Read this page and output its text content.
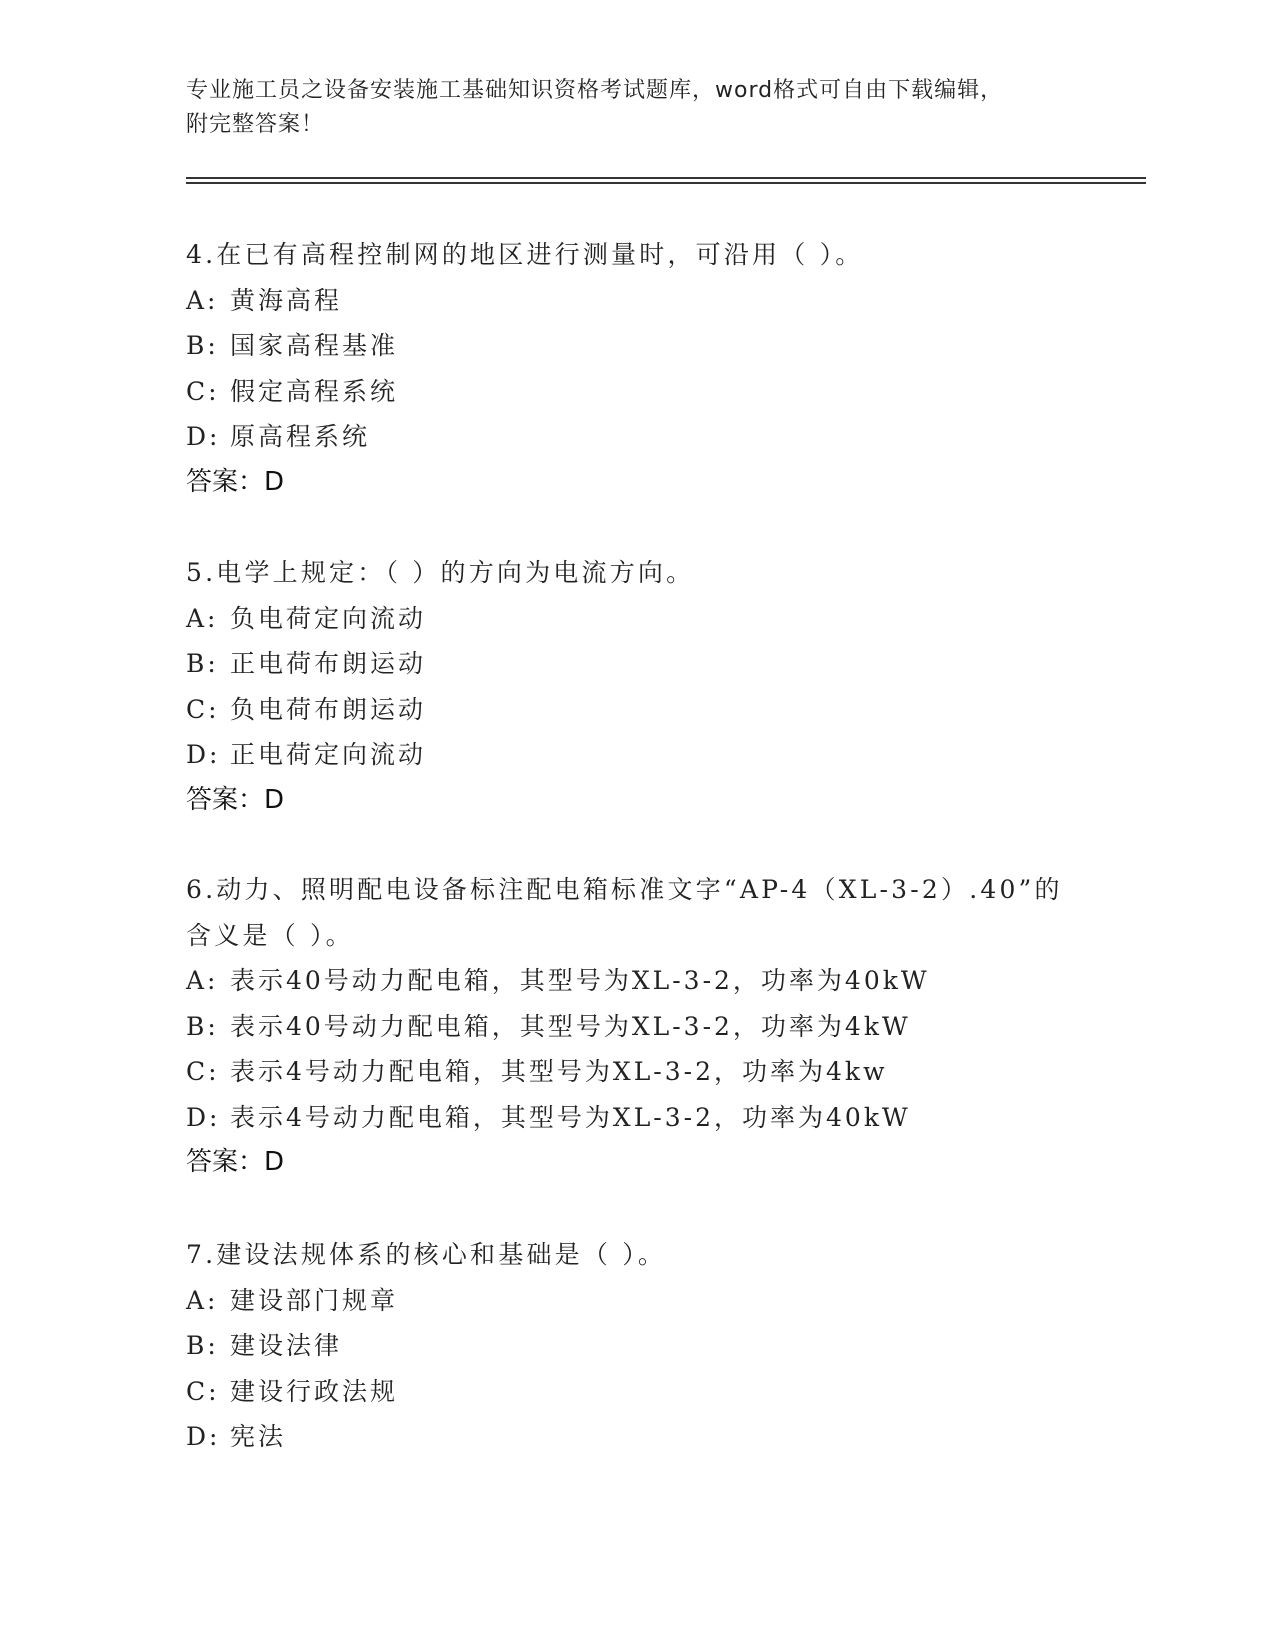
专业施工员之设备安装施工基础知识资格考试题库，word格式可自由下载编辑，
附完整答案！
4.在已有高程控制网的地区进行测量时，可沿用（ ）。
A: 黄海高程
B: 国家高程基准
C: 假定高程系统
D: 原高程系统
答案：D
5.电学上规定：（ ）的方向为电流方向。
A: 负电荷定向流动
B: 正电荷布朗运动
C: 负电荷布朗运动
D: 正电荷定向流动
答案：D
6.动力、照明配电设备标注配电箱标准文字“AP-4（XL-3-2）.40”的
含义是（ ）。
A: 表示40号动力配电箱，其型号为XL-3-2，功率为40kW
B: 表示40号动力配电箱，其型号为XL-3-2，功率为4kW
C: 表示4号动力配电箱，其型号为XL-3-2，功率为4kw
D: 表示4号动力配电箱，其型号为XL-3-2，功率为40kW
答案：D
7.建设法规体系的核心和基础是（ ）。
A: 建设部门规章
B: 建设法律
C: 建设行政法规
D: 宪法
